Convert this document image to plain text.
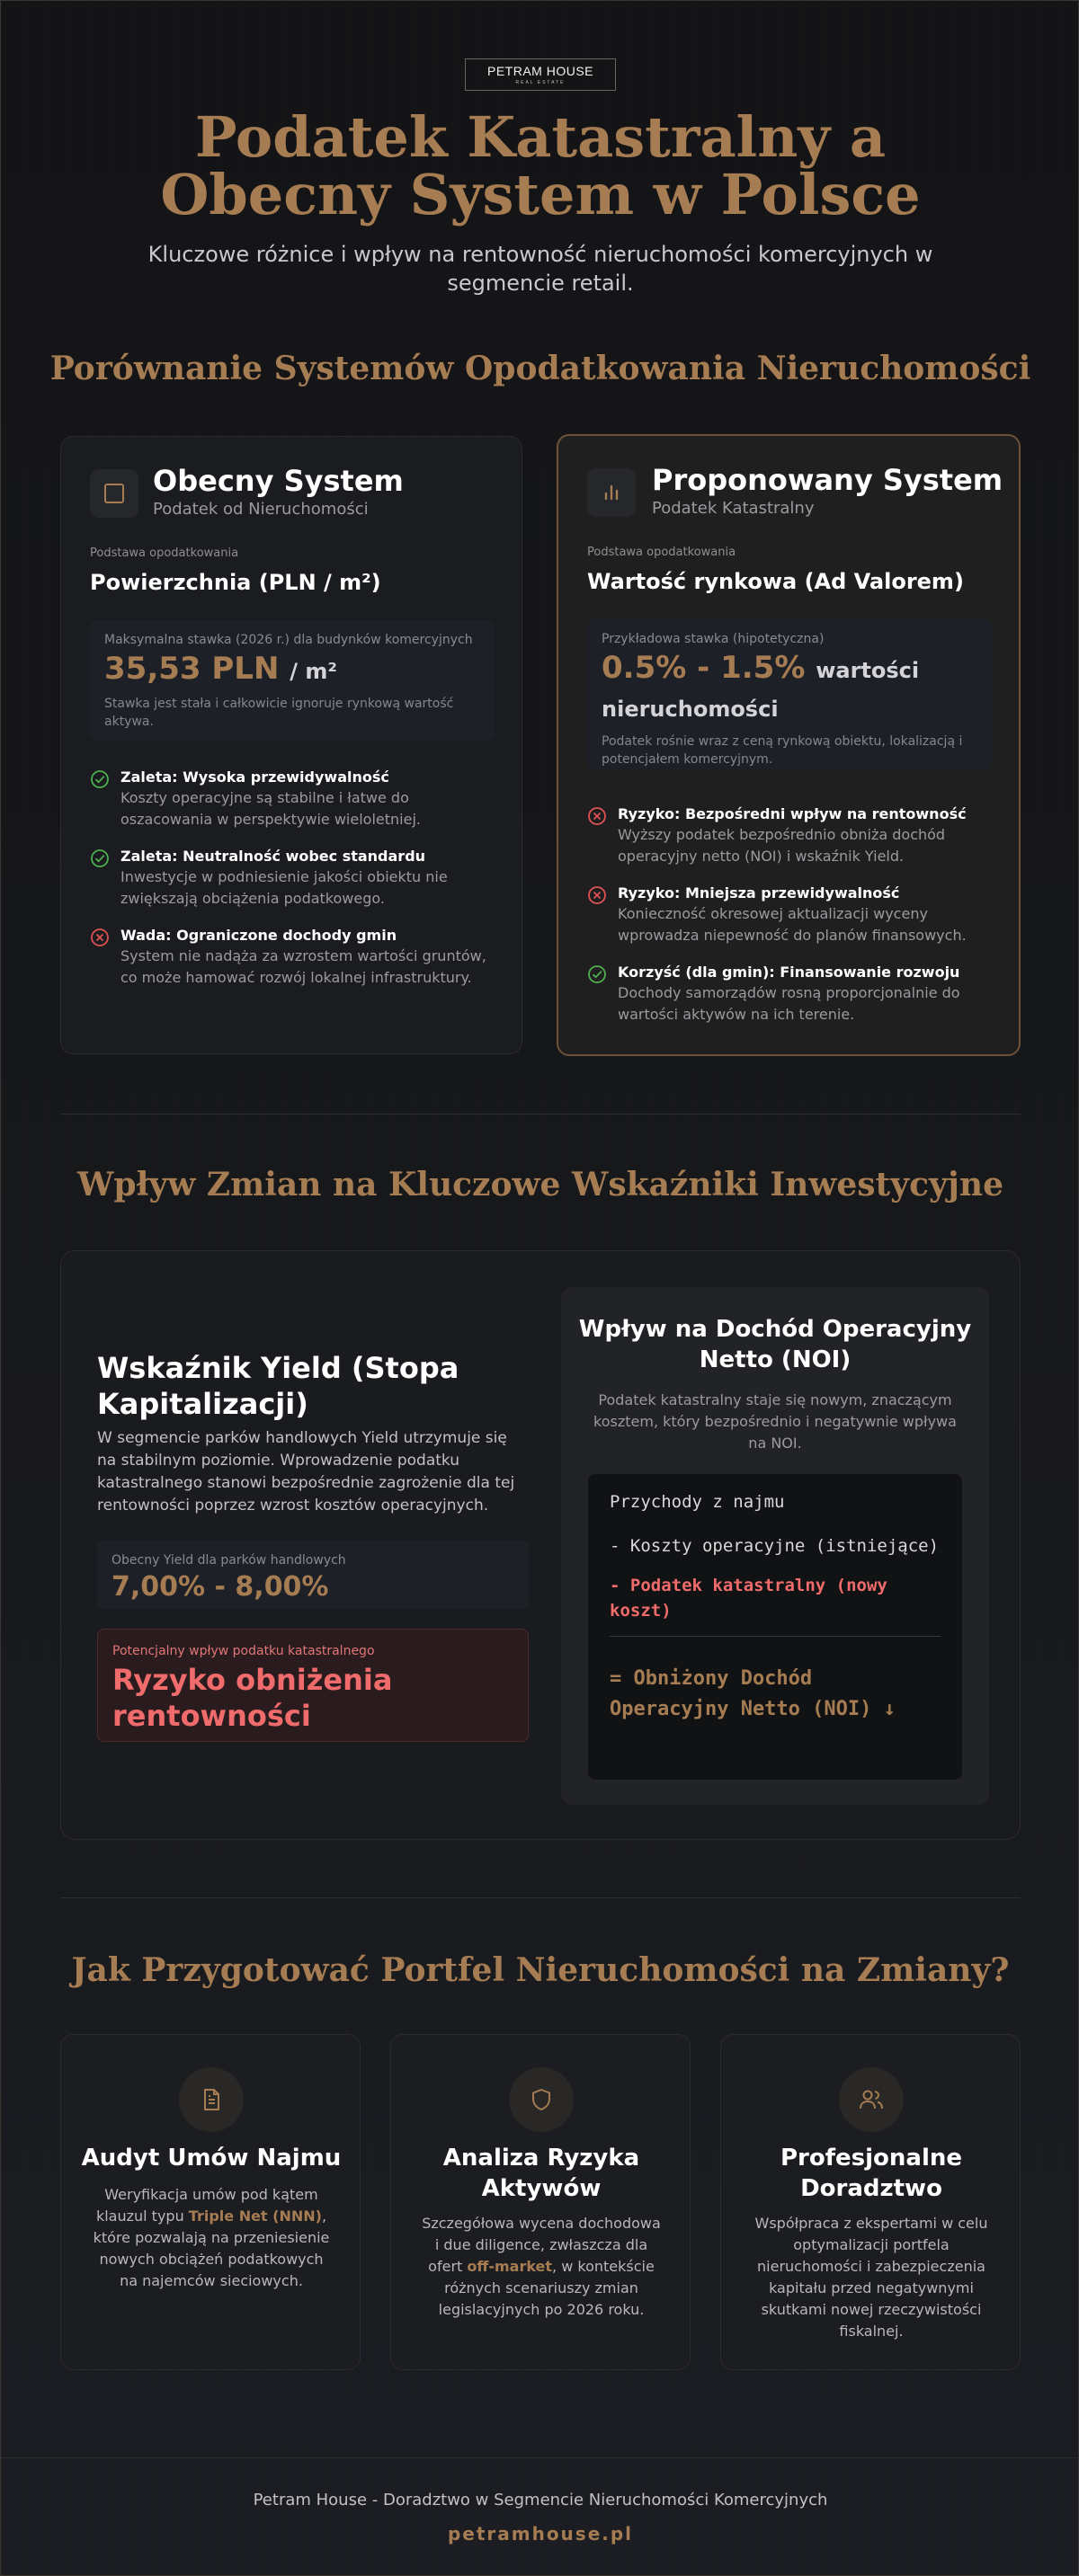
PETRAM HOUSE
REAL ESTATE
Podatek Katastralny a Obecny System w Polsce

Kluczowe różnice i wpływ na rentowność nieruchomości komercyjnych w segmencie retail.

Porównanie Systemów Opodatkowania Nieruchomości
Obecny System
Podatek od Nieruchomości
Podstawa opodatkowania
Powierzchnia (PLN / m²)
Maksymalna stawka (2026 r.) dla budynków komercyjnych
35,53 PLN / m²
Stawka jest stała i całkowicie ignoruje rynkową wartość aktywa.
Zaleta: Wysoka przewidywalność
Koszty operacyjne są stabilne i łatwe do oszacowania w perspektywie wieloletniej.
Zaleta: Neutralność wobec standardu
Inwestycje w podniesienie jakości obiektu nie zwiększają obciążenia podatkowego.
Wada: Ograniczone dochody gmin
System nie nadąża za wzrostem wartości gruntów, co może hamować rozwój lokalnej infrastruktury.
Proponowany System
Podatek Katastralny
Podstawa opodatkowania
Wartość rynkowa (Ad Valorem)
Przykładowa stawka (hipotetyczna)
0.5% - 1.5% wartości nieruchomości
Podatek rośnie wraz z ceną rynkową obiektu, lokalizacją i potencjałem komercyjnym.
Ryzyko: Bezpośredni wpływ na rentowność
Wyższy podatek bezpośrednio obniża dochód operacyjny netto (NOI) i wskaźnik Yield.
Ryzyko: Mniejsza przewidywalność
Konieczność okresowej aktualizacji wyceny wprowadza niepewność do planów finansowych.
Korzyść (dla gmin): Finansowanie rozwoju
Dochody samorządów rosną proporcjonalnie do wartości aktywów na ich terenie.
Wpływ Zmian na Kluczowe Wskaźniki Inwestycyjne
Wskaźnik Yield (Stopa Kapitalizacji)
W segmencie parków handlowych Yield utrzymuje się na stabilnym poziomie. Wprowadzenie podatku katastralnego stanowi bezpośrednie zagrożenie dla tej rentowności poprzez wzrost kosztów operacyjnych.
Obecny Yield dla parków handlowych
7,00% - 8,00%
Potencjalny wpływ podatku katastralnego
Ryzyko obniżenia rentowności
Wpływ na Dochód Operacyjny Netto (NOI)
Podatek katastralny staje się nowym, znaczącym kosztem, który bezpośrednio i negatywnie wpływa na NOI.
Przychody z najmu
- Koszty operacyjne (istniejące)
- Podatek katastralny (nowy koszt)
= Obniżony Dochód Operacyjny Netto (NOI) ↓
Jak Przygotować Portfel Nieruchomości na Zmiany?
Audyt Umów Najmu
Weryfikacja umów pod kątem klauzul typu Triple Net (NNN), które pozwalają na przeniesienie nowych obciążeń podatkowych na najemców sieciowych.
Analiza Ryzyka Aktywów
Szczegółowa wycena dochodowa i due diligence, zwłaszcza dla ofert off-market, w kontekście różnych scenariuszy zmian legislacyjnych po 2026 roku.
Profesjonalne Doradztwo
Współpraca z ekspertami w celu optymalizacji portfela nieruchomości i zabezpieczenia kapitału przed negatywnymi skutkami nowej rzeczywistości fiskalnej.
Petram House - Doradztwo w Segmencie Nieruchomości Komercyjnych
petramhouse.pl
